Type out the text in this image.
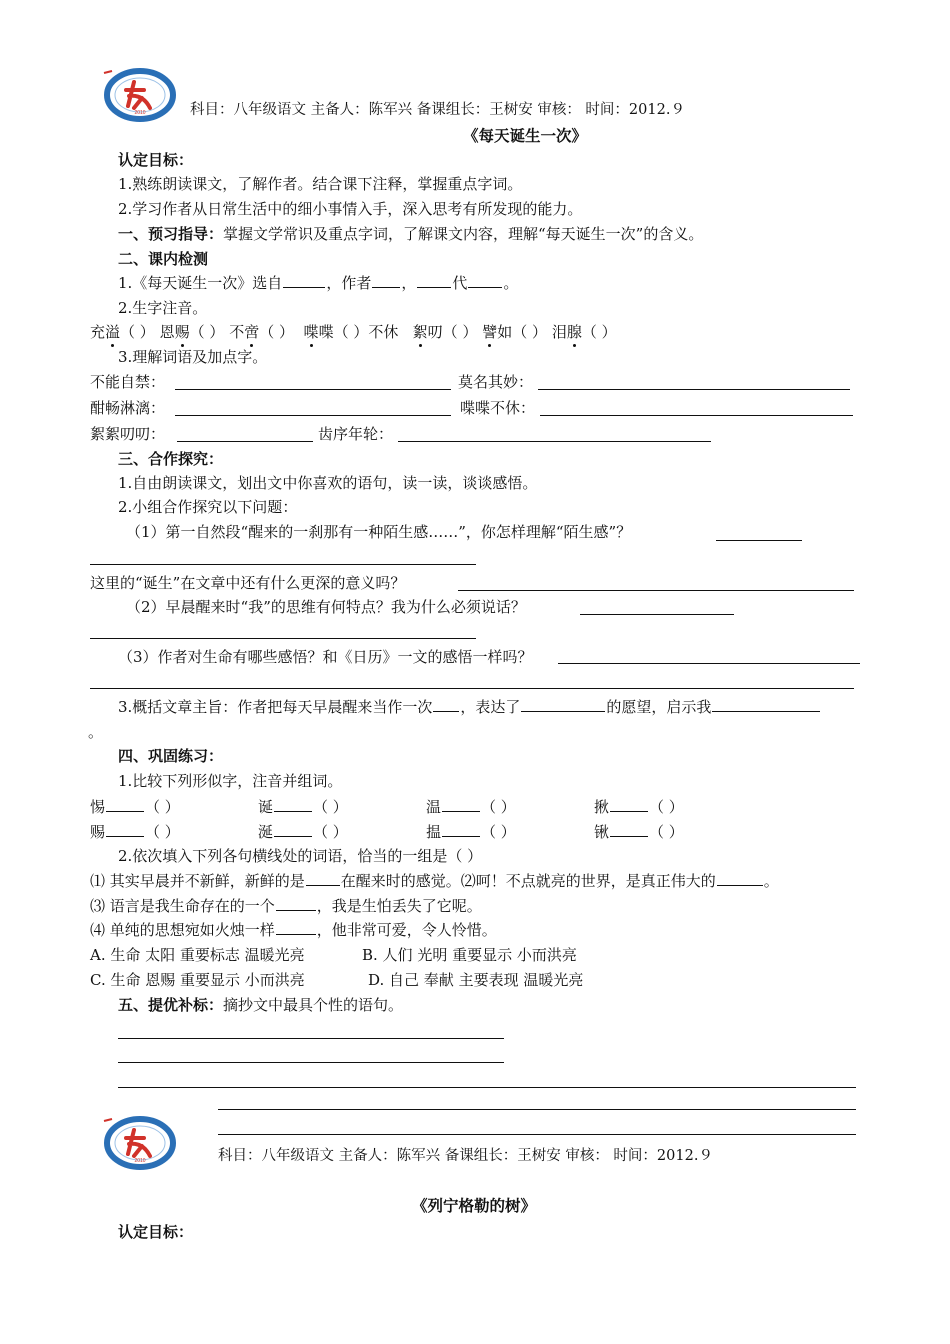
2010	科目：八年级语文 主备人：陈军兴 备课组长：王树安 审核： 时间：2012.９
《每天诞生一次》
认定目标：
1.熟练朗读课文，了解作者。结合课下注释，掌握重点字词。
2.学习作者从日常生活中的细小事情入手，深入思考有所发现的能力。
一、预习指导：掌握文学常识及重点字词，了解课文内容，理解“每天诞生一次”的含义。
二、课内检测
1.《每天诞生一次》选自	，作者 ， 代 。
2.生字注音。
充溢（ ） 恩赐（ ） 不啻（ ） 喋喋（ ）不休 絮叨（ ） 譬如（ ） 泪腺（ ）
3.理解词语及加点字。
不能自禁：	莫名其妙：
酣畅淋漓：	喋喋不休：
絮絮叨叨：	齿序年轮：
三、合作探究：
1.自由朗读课文，划出文中你喜欢的语句，读一读，谈谈感悟。
2.小组合作探究以下问题：
（1）第一自然段“醒来的一刹那有一种陌生感……”，你怎样理解“陌生感”？
这里的“诞生”在文章中还有什么更深的意义吗？
（2）早晨醒来时“我”的思维有何特点？我为什么必须说话？
（3）作者对生命有哪些感悟？和《日历》一文的感悟一样吗？
3.概括文章主旨：作者把每天早晨醒来当作一次 ，表达了	的愿望，启示我
。
四、巩固练习：
1.比较下列形似字，注音并组词。
惕	（ ）	诞	（ ）	温	（ ）	揪	（ ）
赐	（ ）	涎	（ ）	揾	（ ）	锹	（ ）
2.依次填入下列各句横线处的词语，恰当的一组是（ ）
⑴ 其实早晨并不新鲜，新鲜的是 在醒来时的感觉。⑵呵！不点就亮的世界，是真正伟大的	。
⑶ 语言是我生命存在的一个	，我是生怕丢失了它呢。
⑷ 单纯的思想宛如火烛一样	，他非常可爱，令人怜惜。
A. 生命 太阳 重要标志 温暖光亮	B. 人们 光明 重要显示 小而洪亮
C. 生命 恩赐 重要显示 小而洪亮	D. 自己 奉献 主要表现 温暖光亮
五、提优补标：摘抄文中最具个性的语句。
2010	科目：八年级语文 主备人：陈军兴 备课组长：王树安 审核： 时间：2012.９
《列宁格勒的树》
认定目标：
